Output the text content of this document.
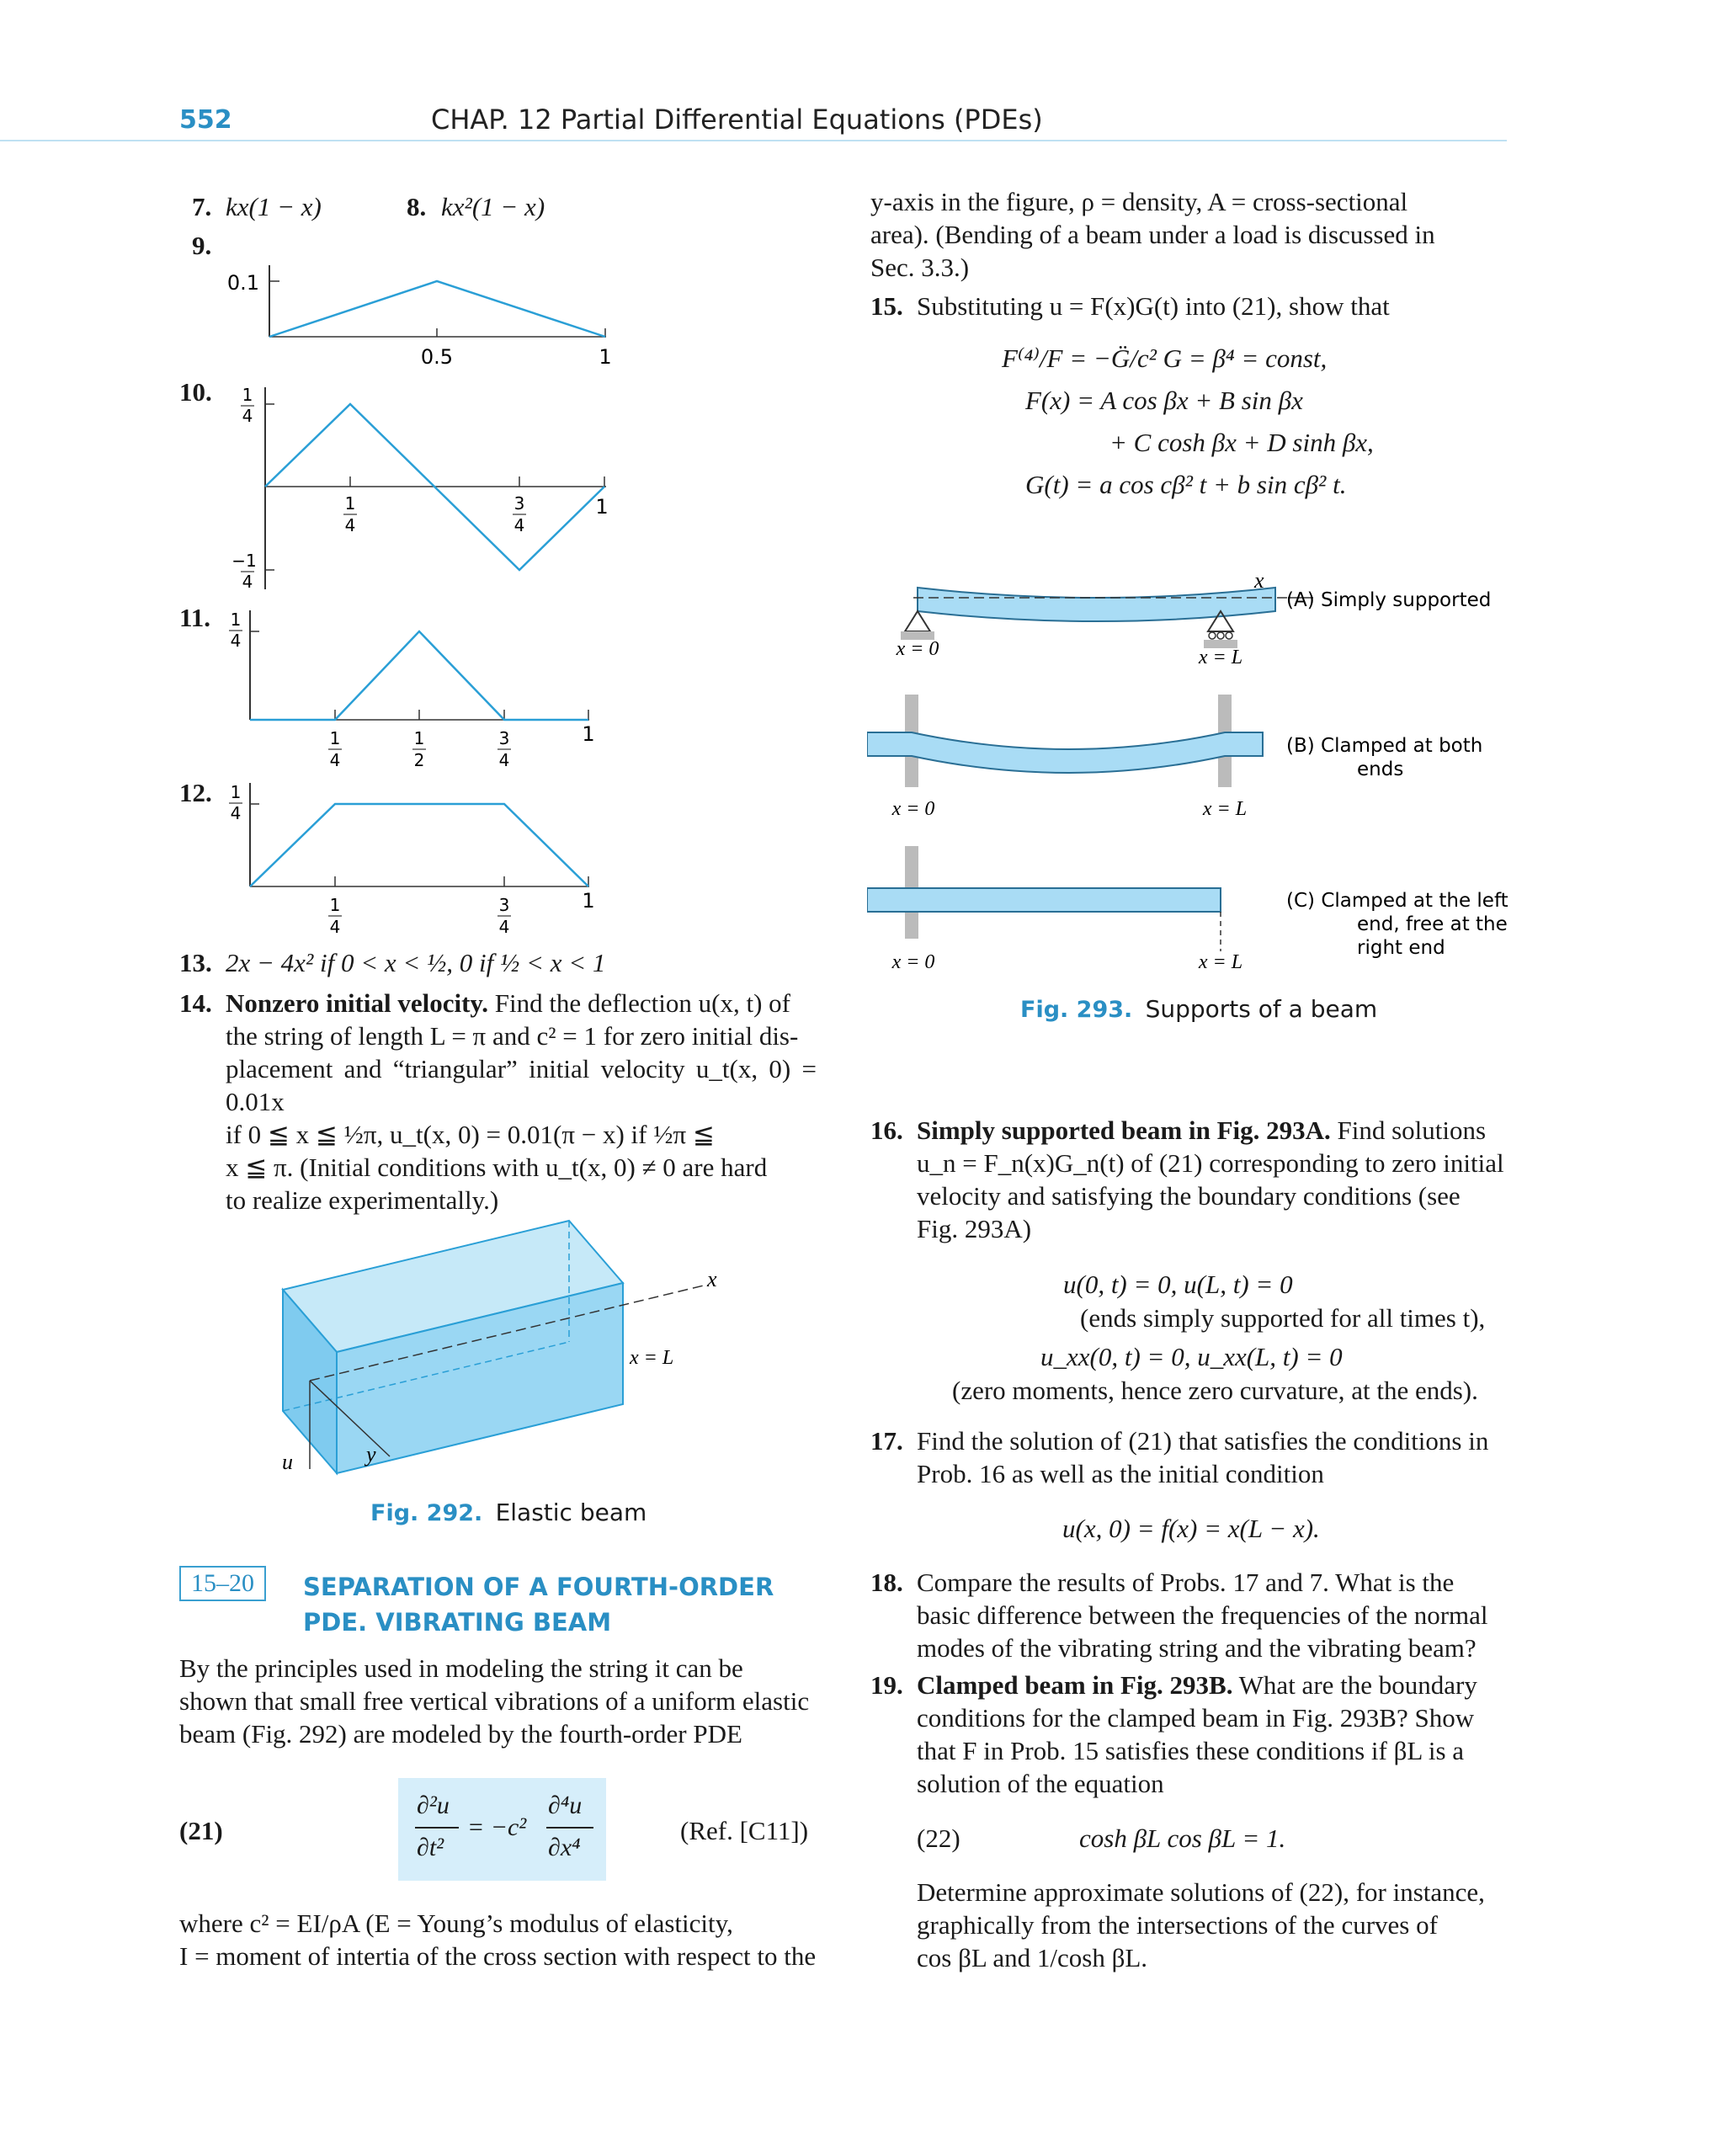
552	CHAP. 12 Partial Differential Equations (PDEs)
7. kx(1 − x)	8. kx²(1 − x)
9.
0.1
0.5	1
10. 1
4
−1
4
1
4
3
4
1
11. 1
4
1
4
1
2
3
4
1
12. 1
4
1
4
3
4
1
13. 2x − 4x² if 0 < x < ½, 0 if ½ < x < 1
14. Nonzero initial velocity. Find the deflection u(x, t) of
the string of length L = π and c² = 1 for zero initial dis-
placement and “triangular” initial velocity u_t(x, 0) = 0.01x
if 0 ≦ x ≦ ½π, u_t(x, 0) = 0.01(π − x) if ½π ≦
x ≦ π. (Initial conditions with u_t(x, 0) ≠ 0 are hard
to realize experimentally.)
x
x = L
y
u
Fig. 292. Elastic beam
15–20	SEPARATION OF A FOURTH-ORDER
PDE. VIBRATING BEAM
By the principles used in modeling the string it can be
shown that small free vertical vibrations of a uniform elastic
beam (Fig. 292) are modeled by the fourth-order PDE
(21)
∂²u
∂t²
= −c²
∂⁴u
∂x⁴
(Ref. [C11])
where c² = EI/ρA (E = Young’s modulus of elasticity,
I = moment of intertia of the cross section with respect to the
y-axis in the figure, ρ = density, A = cross-sectional
area). (Bending of a beam under a load is discussed in
Sec. 3.3.)
15. Substituting u = F(x)G(t) into (21), show that
F⁽⁴⁾/F = −G̈/c² G = β⁴ = const,
F(x) = A cos βx + B sin βx
+ C cosh βx + D sinh βx,
G(t) = a cos cβ² t + b sin cβ² t.
x
x = 0	x = L
(A) Simply supported
x = 0	x = L
(B) Clamped at both
ends
x = 0	x = L
(C) Clamped at the left
end, free at the
right end
Fig. 293. Supports of a beam
16. Simply supported beam in Fig. 293A. Find solutions
u_n = F_n(x)G_n(t) of (21) corresponding to zero initial
velocity and satisfying the boundary conditions (see
Fig. 293A)
u(0, t) = 0, u(L, t) = 0
(ends simply supported for all times t),
u_xx(0, t) = 0, u_xx(L, t) = 0
(zero moments, hence zero curvature, at the ends).
17. Find the solution of (21) that satisfies the conditions in
Prob. 16 as well as the initial condition
u(x, 0) = f(x) = x(L − x).
18. Compare the results of Probs. 17 and 7. What is the
basic difference between the frequencies of the normal
modes of the vibrating string and the vibrating beam?
19. Clamped beam in Fig. 293B. What are the boundary
conditions for the clamped beam in Fig. 293B? Show
that F in Prob. 15 satisfies these conditions if βL is a
solution of the equation
(22)	cosh βL cos βL = 1.
Determine approximate solutions of (22), for instance,
graphically from the intersections of the curves of
cos βL and 1/cosh βL.
